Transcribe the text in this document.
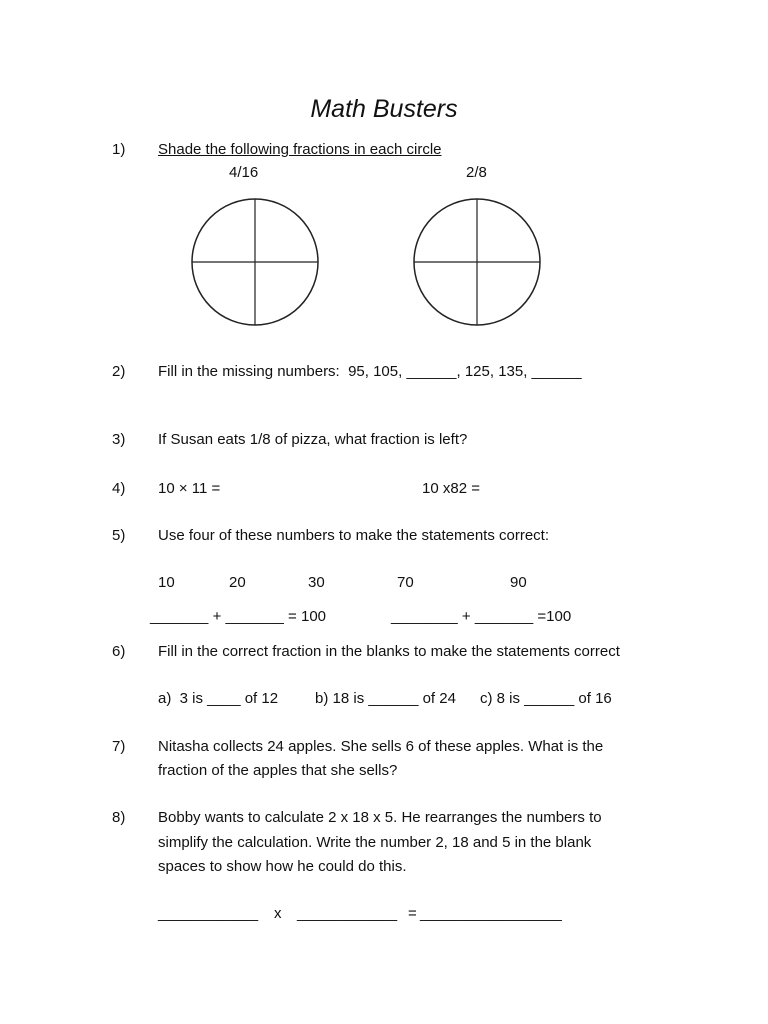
Math Busters
1) Shade the following fractions in each circle
4/16	2/8
2) Fill in the missing numbers:  95, 105, ______, 125, 135, ______
3) If Susan eats 1/8 of pizza, what fraction is left?
4) 10 × 11 =	10 x82 =
5) Use four of these numbers to make the statements correct:
10	20	30	70	90
_______ + _______ = 100	________ + _______ =100
6) Fill in the correct fraction in the blanks to make the statements correct
a)  3 is ____ of 12 b) 18 is ______ of 24 c) 8 is ______ of 16
7) Nitasha collects 24 apples. She sells 6 of these apples. What is the
fraction of the apples that she sells?
8) Bobby wants to calculate 2 x 18 x 5. He rearranges the numbers to
simplify the calculation. Write the number 2, 18 and 5 in the blank
spaces to show how he could do this.
____________ x ____________ = _________________
